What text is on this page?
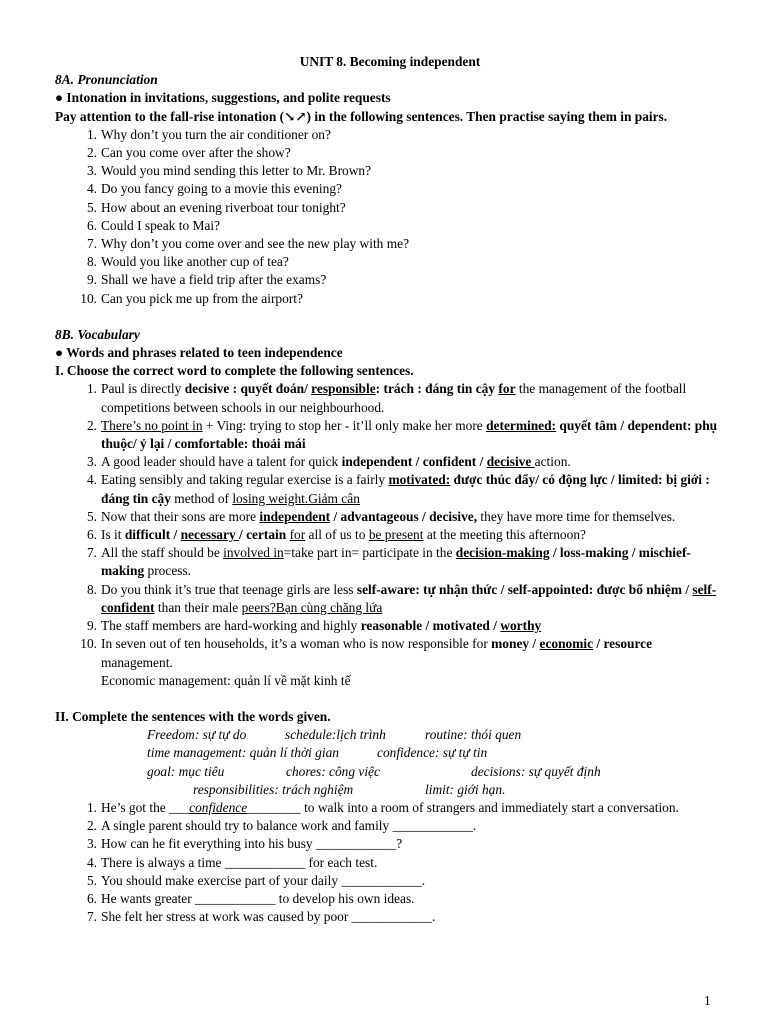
UNIT 8. Becoming independent
8A. Pronunciation
● Intonation in invitations, suggestions, and polite requests
Pay attention to the fall-rise intonation (↘↗) in the following sentences. Then practise saying them in pairs.
1. Why don’t you turn the air conditioner on?
2. Can you come over after the show?
3. Would you mind sending this letter to Mr. Brown?
4. Do you fancy going to a movie this evening?
5. How about an evening riverboat tour tonight?
6. Could I speak to Mai?
7. Why don’t you come over and see the new play with me?
8. Would you like another cup of tea?
9. Shall we have a field trip after the exams?
10. Can you pick me up from the airport?
8B. Vocabulary
● Words and phrases related to teen independence
I. Choose the correct word to complete the following sentences.
1. Paul is directly decisive : quyết đoán/ responsible: trách : đáng tin cậy for the management of the football competitions between schools in our neighbourhood.
2. There’s no point in + Ving: trying to stop her - it’ll only make her more determined: quyết tâm / dependent: phụ thuộc/ ỷ lại / comfortable: thoải mái
3. A good leader should have a talent for quick independent / confident / decisive action.
4. Eating sensibly and taking regular exercise is a fairly motivated: được thúc đẩy/ có động lực / limited: bị giới : đáng tin cậy method of losing weight.Giảm cân
5. Now that their sons are more independent / advantageous / decisive, they have more time for themselves.
6. Is it difficult / necessary / certain for all of us to be present at the meeting this afternoon?
7. All the staff should be involved in=take part in= participate in the decision-making / loss-making / mischief-making process.
8. Do you think it’s true that teenage girls are less self-aware: tự nhận thức / self-appointed: được bổ nhiệm / self-confident than their male peers?Bạn cùng chăng lứa
9. The staff members are hard-working and highly reasonable / motivated / worthy
10. In seven out of ten households, it’s a woman who is now responsible for money / economic / resource management.
Economic management: quản lí về mặt kinh tế
II. Complete the sentences with the words given.
Freedom: sự tự do	schedule:lịch trình	routine: thói quen
time management: quản lí thời gian	confidence: sự tự tin
goal: mục tiêu	chores: công việc	decisions: sự quyết định
responsibilities: trách nghiệm	limit: giới hạn.
1. He’s got the ___confidence________ to walk into a room of strangers and immediately start a conversation.
2. A single parent should try to balance work and family ____________.
3. How can he fit everything into his busy ____________?
4. There is always a time ____________ for each test.
5. You should make exercise part of your daily ____________.
6. He wants greater ____________ to develop his own ideas.
7. She felt her stress at work was caused by poor ____________.
1
